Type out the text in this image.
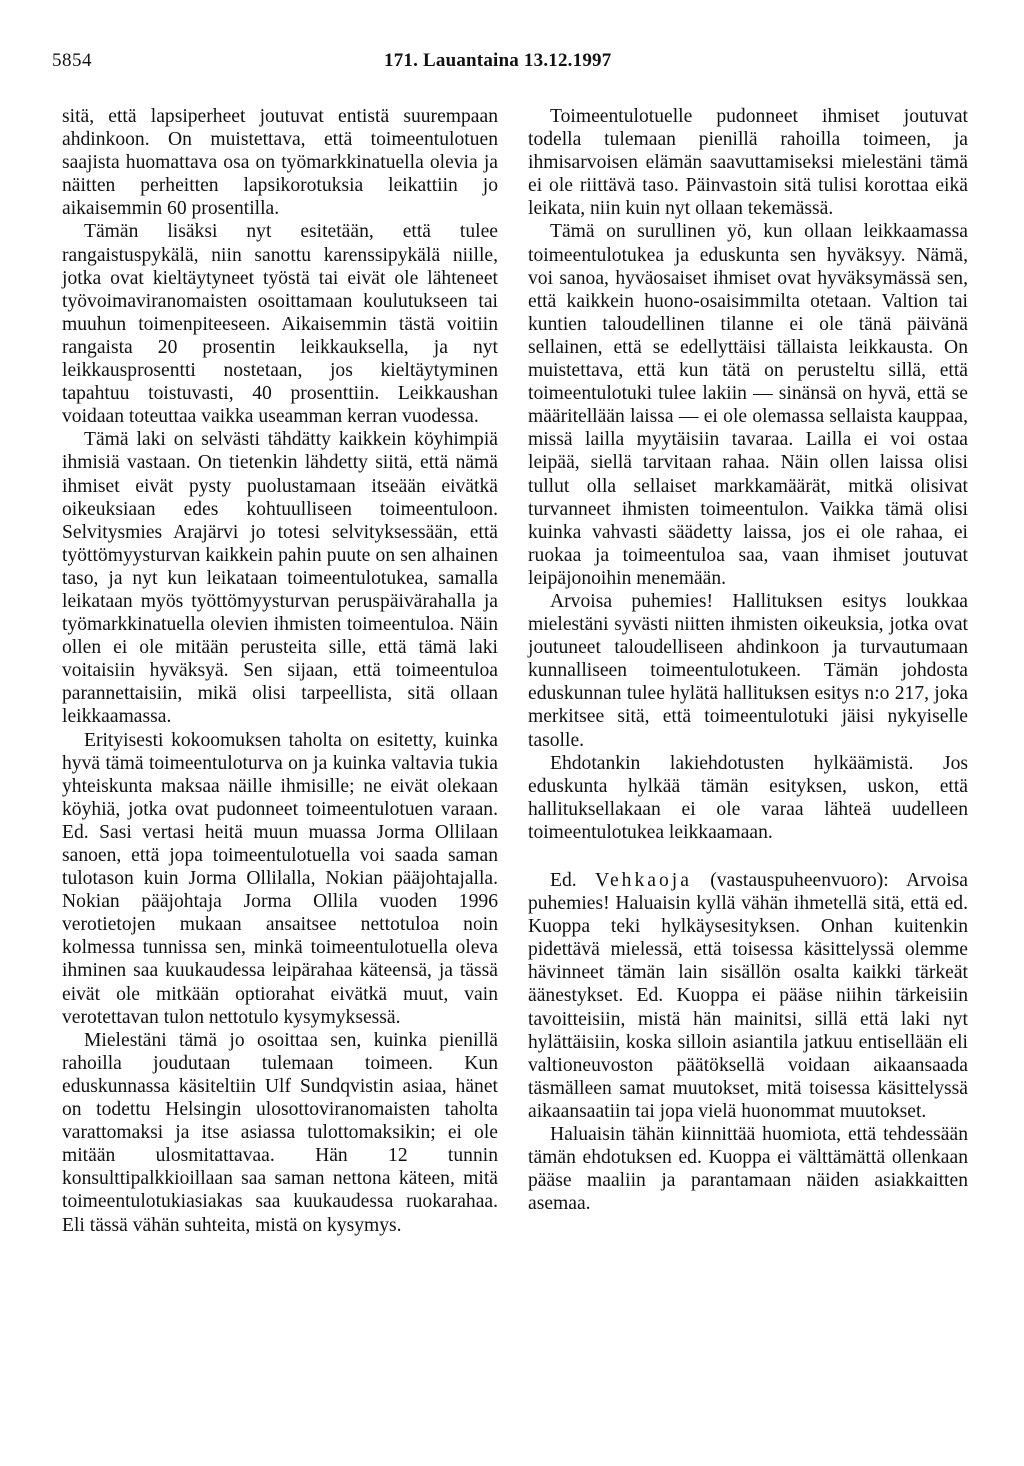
5854	171. Lauantaina 13.12.1997

sitä, että lapsiperheet joutuvat entistä suurempaan ahdinkoon. On muistettava, että toimeentulotuen saajista huomattava osa on työmarkkinatuella olevia ja näitten perheitten lapsikorotuksia leikattiin jo aikaisemmin 60 prosentilla.

Tämän lisäksi nyt esitetään, että tulee rangaistuspykälä, niin sanottu karenssipykälä niille, jotka ovat kieltäytyneet työstä tai eivät ole lähteneet työvoimaviranomaisten osoittamaan koulutukseen tai muuhun toimenpiteeseen. Aikaisemmin tästä voitiin rangaista 20 prosentin leikkauksella, ja nyt leikkausprosentti nostetaan, jos kieltäytyminen tapahtuu toistuvasti, 40 prosenttiin. Leikkaushan voidaan toteuttaa vaikka useamman kerran vuodessa.

Tämä laki on selvästi tähdätty kaikkein köyhimpiä ihmisiä vastaan. On tietenkin lähdetty siitä, että nämä ihmiset eivät pysty puolustamaan itseään eivätkä oikeuksiaan edes kohtuulliseen toimeentuloon. Selvitysmies Arajärvi jo totesi selvityksessään, että työttömyysturvan kaikkein pahin puute on sen alhainen taso, ja nyt kun leikataan toimeentulotukea, samalla leikataan myös työttömyysturvan peruspäivärahalla ja työmarkkinatuella olevien ihmisten toimeentuloa. Näin ollen ei ole mitään perusteita sille, että tämä laki voitaisiin hyväksyä. Sen sijaan, että toimeentuloa parannettaisiin, mikä olisi tarpeellista, sitä ollaan leikkaamassa.

Erityisesti kokoomuksen taholta on esitetty, kuinka hyvä tämä toimeentuloturva on ja kuinka valtavia tukia yhteiskunta maksaa näille ihmisille; ne eivät olekaan köyhiä, jotka ovat pudonneet toimeentulotuen varaan. Ed. Sasi vertasi heitä muun muassa Jorma Ollilaan sanoen, että jopa toimeentulotuella voi saada saman tulotason kuin Jorma Ollilalla, Nokian pääjohtajalla. Nokian pääjohtaja Jorma Ollila vuoden 1996 verotietojen mukaan ansaitsee nettotuloa noin kolmessa tunnissa sen, minkä toimeentulotuella oleva ihminen saa kuukaudessa leipärahaa käteensä, ja tässä eivät ole mitkään optiorahat eivätkä muut, vain verotettavan tulon nettotulo kysymyksessä.

Mielestäni tämä jo osoittaa sen, kuinka pienillä rahoilla joudutaan tulemaan toimeen. Kun eduskunnassa käsiteltiin Ulf Sundqvistin asiaa, hänet on todettu Helsingin ulosottoviranomaisten taholta varattomaksi ja itse asiassa tulottomaksikin; ei ole mitään ulosmitattavaa. Hän 12 tunnin konsulttipalkkioillaan saa saman nettona käteen, mitä toimeentulotukiasiakas saa kuukaudessa ruokarahaa. Eli tässä vähän suhteita, mistä on kysymys.

Toimeentulotuelle pudonneet ihmiset joutuvat todella tulemaan pienillä rahoilla toimeen, ja ihmisarvoisen elämän saavuttamiseksi mielestäni tämä ei ole riittävä taso. Päinvastoin sitä tulisi korottaa eikä leikata, niin kuin nyt ollaan tekemässä.

Tämä on surullinen yö, kun ollaan leikkaamassa toimeentulotukea ja eduskunta sen hyväksyy. Nämä, voi sanoa, hyväosaiset ihmiset ovat hyväksymässä sen, että kaikkein huono-osaisimmilta otetaan. Valtion tai kuntien taloudellinen tilanne ei ole tänä päivänä sellainen, että se edellyttäisi tällaista leikkausta. On muistettava, että kun tätä on perusteltu sillä, että toimeentulotuki tulee lakiin — sinänsä on hyvä, että se määritellään laissa — ei ole olemassa sellaista kauppaa, missä lailla myytäisiin tavaraa. Lailla ei voi ostaa leipää, siellä tarvitaan rahaa. Näin ollen laissa olisi tullut olla sellaiset markkamäärät, mitkä olisivat turvanneet ihmisten toimeentulon. Vaikka tämä olisi kuinka vahvasti säädetty laissa, jos ei ole rahaa, ei ruokaa ja toimeentuloa saa, vaan ihmiset joutuvat leipäjonoihin menemään.

Arvoisa puhemies! Hallituksen esitys loukkaa mielestäni syvästi niitten ihmisten oikeuksia, jotka ovat joutuneet taloudelliseen ahdinkoon ja turvautumaan kunnalliseen toimeentulotukeen. Tämän johdosta eduskunnan tulee hylätä hallituksen esitys n:o 217, joka merkitsee sitä, että toimeentulotuki jäisi nykyiselle tasolle.

Ehdotankin lakiehdotusten hylkäämistä. Jos eduskunta hylkää tämän esityksen, uskon, että hallituksellakaan ei ole varaa lähteä uudelleen toimeentulotukea leikkaamaan.

Ed. Vehkaoja (vastauspuheenvuoro): Arvoisa puhemies! Haluaisin kyllä vähän ihmetellä sitä, että ed. Kuoppa teki hylkäysesityksen. Onhan kuitenkin pidettävä mielessä, että toisessa käsittelyssä olemme hävinneet tämän lain sisällön osalta kaikki tärkeät äänestykset. Ed. Kuoppa ei pääse niihin tärkeisiin tavoitteisiin, mistä hän mainitsi, sillä että laki nyt hylättäisiin, koska silloin asiantila jatkuu entisellään eli valtioneuvoston päätöksellä voidaan aikaansaada täsmälleen samat muutokset, mitä toisessa käsittelyssä aikaansaatiin tai jopa vielä huonommat muutokset.

Haluaisin tähän kiinnittää huomiota, että tehdessään tämän ehdotuksen ed. Kuoppa ei välttämättä ollenkaan pääse maaliin ja parantamaan näiden asiakkaitten asemaa.
